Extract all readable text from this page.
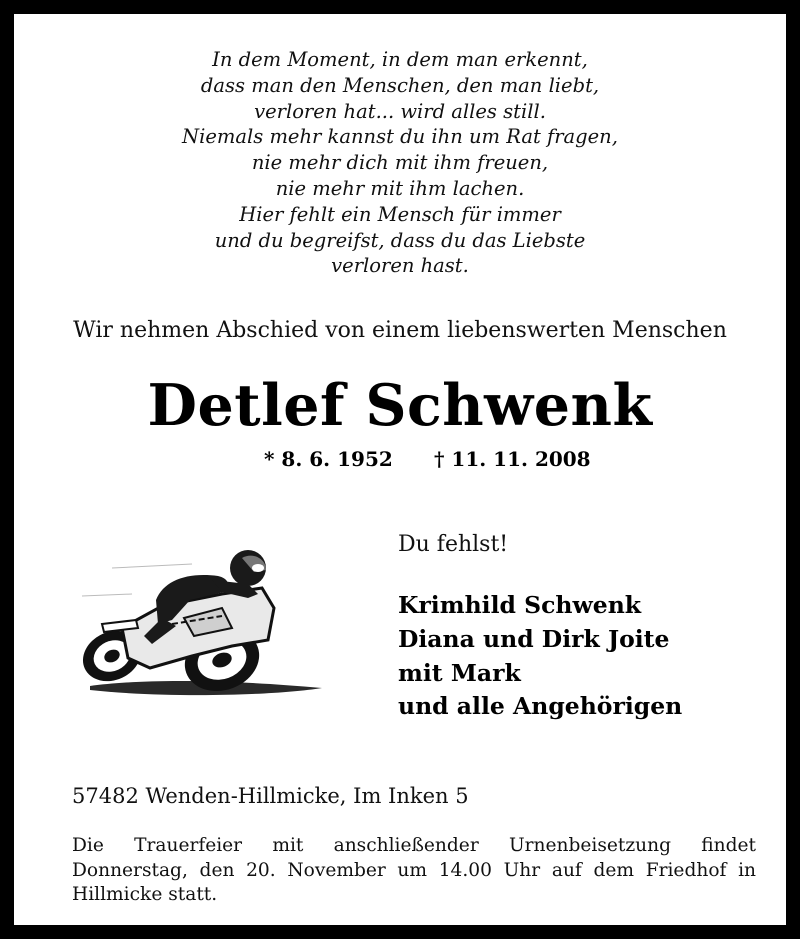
In dem Moment, in dem man erkennt,
dass man den Menschen, den man liebt,
verloren hat... wird alles still.
Niemals mehr kannst du ihn um Rat fragen,
nie mehr dich mit ihm freuen,
nie mehr mit ihm lachen.
Hier fehlt ein Mensch für immer
und du begreifst, dass du das Liebste
verloren hast.
Wir nehmen Abschied von einem liebenswerten Menschen
Detlef Schwenk
* 8. 6. 1952 † 11. 11. 2008
Du fehlst!
Krimhild Schwenk
Diana und Dirk Joite
mit Mark
und alle Angehörigen
57482 Wenden-Hillmicke, Im Inken 5
Die Trauerfeier mit anschließender Urnenbeisetzung findet Donnerstag, den 20. November um 14.00 Uhr auf dem Friedhof in Hillmicke statt.
